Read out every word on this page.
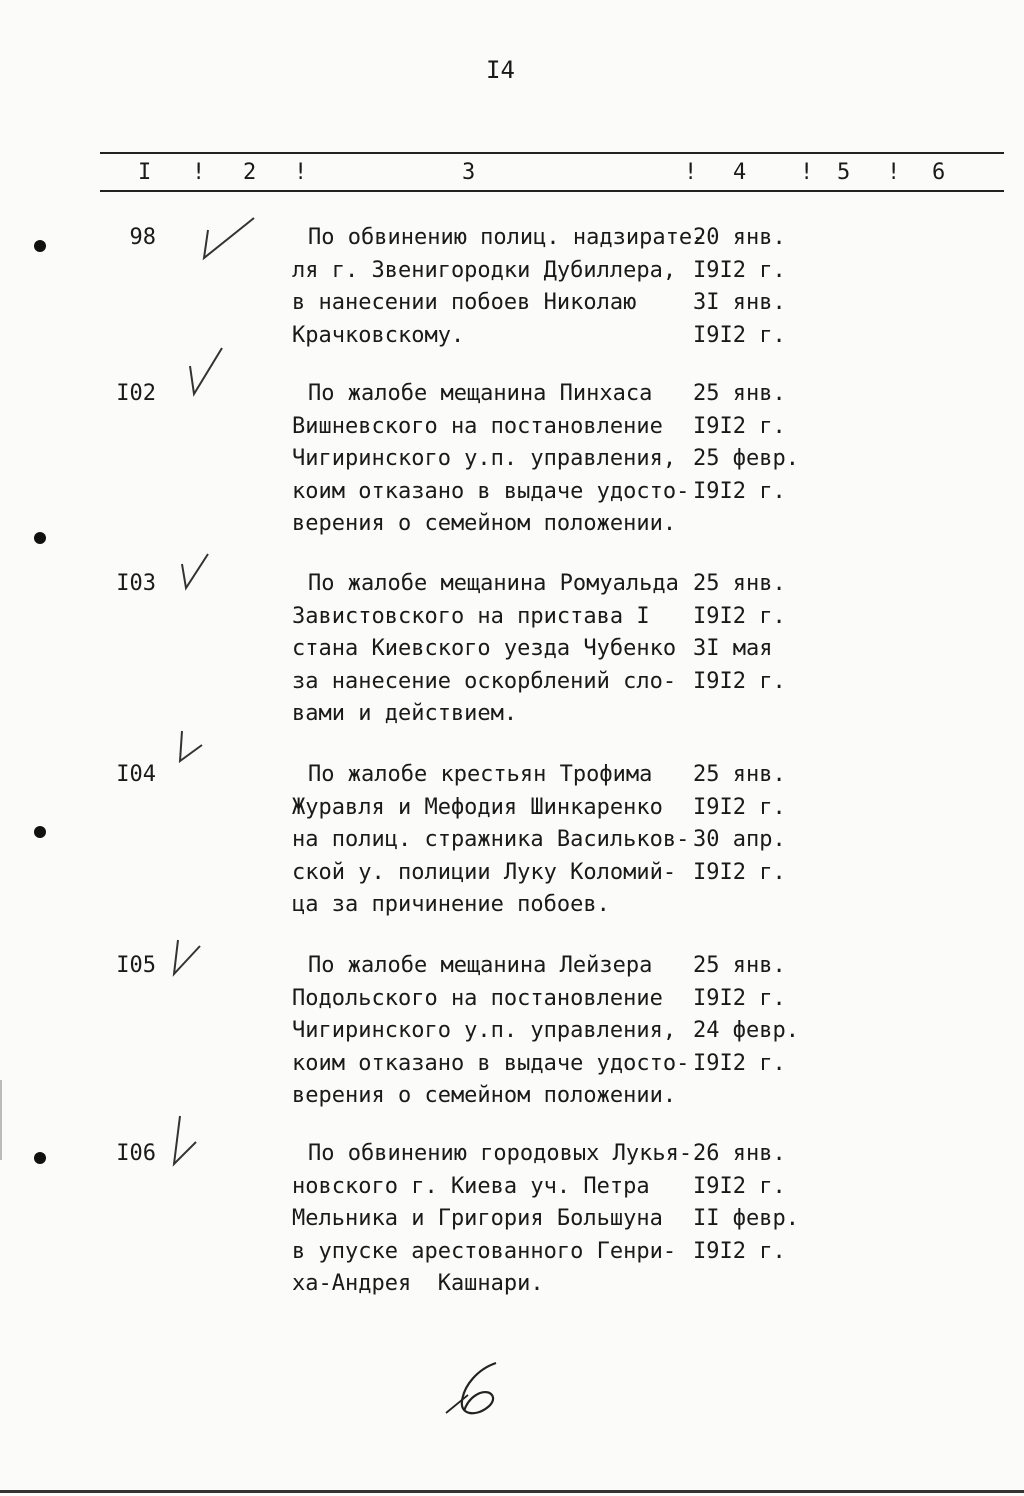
I4
I ! 2 !	3	! 4 ! 5 ! 6
98	По обвинению полиц. надзирате-
ля г. Звенигородки Дубиллера,
в нанесении побоев Николаю
Крачковскому.
20 янв.
I9I2 г.
3I янв.
I9I2 г.
I02	По жалобе мещанина Пинхаса
Вишневского на постановление
Чигиринского у.п. управления,
коим отказано в выдаче удосто-
верения о семейном положении.
25 янв.
I9I2 г.
25 февр.
I9I2 г.
I03	По жалобе мещанина Ромуальда
Завистовского на пристава I
стана Киевского уезда Чубенко
за нанесение оскорблений сло-
вами и действием.
25 янв.
I9I2 г.
3I мая
I9I2 г.
I04	По жалобе крестьян Трофима
Журавля и Мефодия Шинкаренко
на полиц. стражника Васильков-
ской у. полиции Луку Коломий-
ца за причинение побоев.
25 янв.
I9I2 г.
30 апр.
I9I2 г.
I05	По жалобе мещанина Лейзера
Подольского на постановление
Чигиринского у.п. управления,
коим отказано в выдаче удосто-
верения о семейном положении.
25 янв.
I9I2 г.
24 февр.
I9I2 г.
I06	По обвинению городовых Лукья-
новского г. Киева уч. Петра
Мельника и Григория Большуна
в упуске арестованного Генри-
ха-Андрея  Кашнари.
26 янв.
I9I2 г.
II февр.
I9I2 г.
